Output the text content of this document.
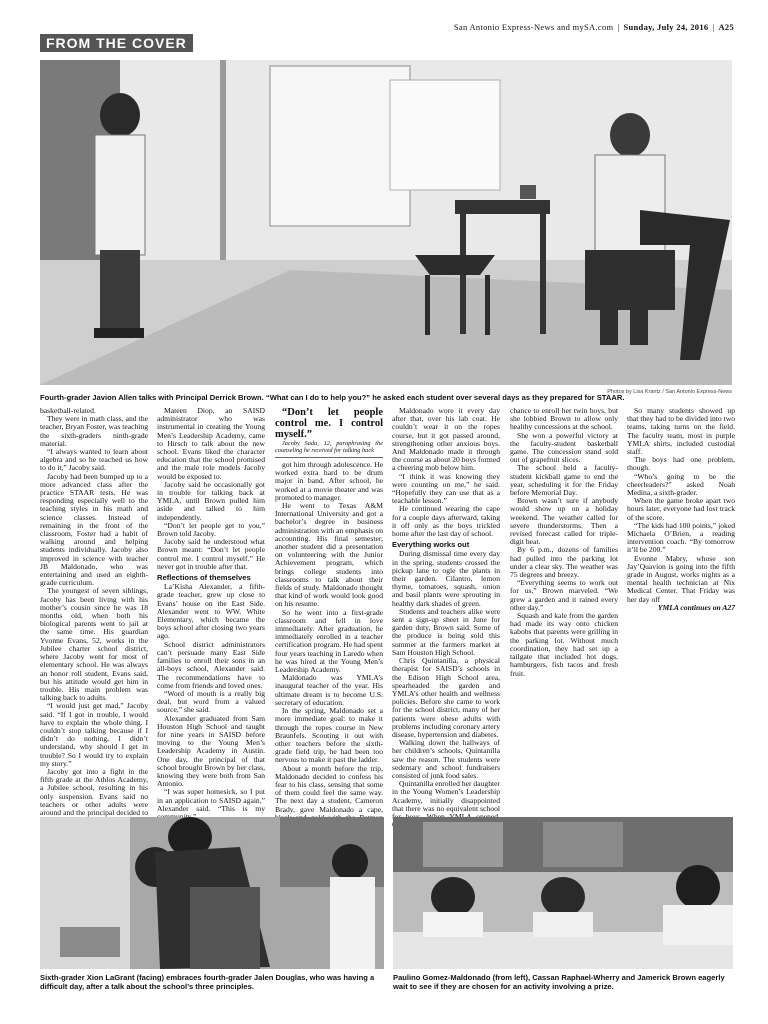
FROM THE COVER
San Antonio Express-News and mySA.com | Sunday, July 24, 2016 | A25
Photos by Lisa Krantz / San Antonio Express-News
Fourth-grader Javion Allen talks with Principal Derrick Brown. “What can I do to help you?” he asked each student over several days as they prepared for STAAR.

basketball-related.

They were in math class, and the teacher, Bryan Foster, was teaching the sixth-graders ninth-grade material.

“I always wanted to learn about algebra and so he teached us how to do it,” Jacoby said.

Jacoby had been bumped up to a more advanced class after the practice STAAR tests. He was responding especially well to the teaching styles in his math and science classes. Instead of remaining in the front of the classroom, Foster had a habit of walking around and helping students individually. Jacoby also improved in science with teacher JB Maldonado, who was entertaining and used an eighth-grade curriculum.

The youngest of seven siblings, Jacoby has been living with his mother’s cousin since he was 18 months old, when both his biological parents went to jail at the same time. His guardian Yvonne Evans, 52, works in the Jubilee charter school district, where Jacoby went for most of elementary school. He was always an honor roll student, Evans said, but his attitude would get him in trouble. His main problem was talking back to adults.

“I would just get mad,” Jacoby said. “If I got in trouble, I would have to explain the whole thing. I couldn’t stop talking because if I didn’t do nothing, I didn’t understand, why should I get in trouble? So I would try to explain my story.”

Jacoby got into a fight in the fifth grade at the Athlos Academy, a Jubilee school, resulting in his only suspension. Evans said no teachers or other adults were around and the principal decided to

Mateen Diop, an SAISD administrator who was instrumental in creating the Young Men’s Leadership Academy, came to Hirsch to talk about the new school. Evans liked the character education that the school promised and the male role models Jacoby would be exposed to.

Jacoby said he occasionally got in trouble for talking back at YMLA, until Brown pulled him aside and talked to him independently.

“Don’t let people get to you,” Brown told Jacoby.

Jacoby said he understood what Brown meant: “Don’t let people control me. I control myself.” He never got in trouble after that.

Reflections of themselves

La’Kisha Alexander, a fifth-grade teacher, grew up close to Evans’ house on the East Side. Alexander went to WW. White Elementary, which became the boys school after closing two years ago.

School district administrators can’t persuade many East Side families to enroll their sons in an all-boys school, Alexander said. The recommendations have to come from friends and loved ones.

“Word of mouth is a really big deal, but word from a valued source,” she said.

Alexander graduated from Sam Houston High School and taught for nine years in SAISD before moving to the Young Men’s Leadership Academy in Austin. One day, the principal of that school brought Brown by her class, knowing they were both from San Antonio.

“I was super homesick, so I put in an application to SAISD again,” Alexander said. “This is my

“Don’t let people control me. I control myself.”

Jacoby Sada, 12, paraphrasing the counseling he received for talking back

got him through adolescence. He worked extra hard to be drum major in band. After school, he worked at a movie theater and was promoted to manager.

He went to Texas A&M International University and got a bachelor’s degree in business administration with an emphasis on accounting. His final semester, another student did a presentation on volunteering with the Junior Achievement program, which brings college students into classrooms to talk about their fields of study. Maldonado thought that kind of work would look good on his resume.

So he went into a first-grade classroom and fell in love immediately. After graduation, he immediately enrolled in a teacher certification program. He had spent four years teaching in Laredo when he was hired at the Young Men’s Leadership Academy.

Maldonado was YMLA’s inaugural teacher of the year. His ultimate dream is to become U.S. secretary of education.

In the spring, Maldonado set a more immediate goal: to make it through the ropes course in New Braunfels. Scouting it out with other teachers before the sixth-grade field trip, he had been too nervous to make it past the ladder.

About a month before the trip, Maldonado decided to confess his fear to his class, sensing that some of them could feel the same way. The next day a student, Cameron Brady, gave Maldonado a cape,

Maldonado wore it every day after that, over his lab coat. He couldn’t wear it on the ropes course, but it got passed around, strengthening other anxious boys. And Maldonado made it through the course as about 20 boys formed a cheering mob below him.

“I think it was knowing they were counting on me,” he said. “Hopefully they can use that as a teachable lesson.”

He continued wearing the cape for a couple days afterward, taking it off only as the boys trickled home after the last day of school.

Everything works out

During dismissal time every day in the spring, students crossed the pickup lane to ogle the plants in their garden. Cilantro, lemon thyme, tomatoes, squash, onion and basil plants were sprouting in healthy dark shades of green.

Students and teachers alike were sent a sign-up sheet in June for garden duty, Brown said. Some of the produce is being sold this summer at the farmers market at Sam Houston High School.

Chris Quintanilla, a physical therapist for SAISD’s schools in the Edison High School area, spearheaded the garden and YMLA’s other health and wellness policies. Before she came to work for the school district, many of her patients were obese adults with problems including coronary artery disease, hypertension and diabetes.

Walking down the hallways of her children’s schools, Quintanilla saw the reason. The students were sedentary and school fundraisers consisted of junk food sales.

Quintanilla enrolled her daughter in the Young Women’s Leadership Academy, initially disappointed that there was no equivalent school

chance to enroll her twin boys, but she lobbied Brown to allow only healthy concessions at the school.

She won a powerful victory at the faculty-student basketball game. The concession stand sold out of grapefruit slices.

The school held a faculty-student kickball game to end the year, scheduling it for the Friday before Memorial Day.

Brown wasn’t sure if anybody would show up on a holiday weekend. The weather called for severe thunderstorms. Then a revised forecast called for triple-digit heat.

By 6 p.m., dozens of families had pulled into the parking lot under a clear sky. The weather was 75 degrees and breezy.

“Everything seems to work out for us,” Brown marveled. “We grew a garden and it rained every other day.”

Squash and kale from the garden had made its way onto chicken kabobs that parents were grilling in the parking lot. Without much coordination, they had set up a tailgate that included hot dogs, hamburgers, fish tacos and fresh fruit.

So many students showed up that they had to be divided into two teams, taking turns on the field. The faculty team, most in purple YMLA shirts, included custodial staff.

The boys had one problem, though.

“Who’s going to be the cheerleaders?” asked Noah Medina, a sixth-grader.

When the game broke apart two hours later, everyone had lost track of the score.

“The kids had 100 points,” joked Michaela O’Brien, a reading intervention coach. “By tomorrow it’ll be 200.”

Evonne Mabry, whose son Jay’Quavion is going into the fifth grade in August, works nights as a mental health technician at Nix Medical Center. That Friday was her day off

YMLA continues on A27

Sixth-grader Xion LaGrant (facing) embraces fourth-grader Jalen Douglas, who was having a difficult day, after a talk about the school’s three principles.
Paulino Gomez-Maldonado (from left), Cassan Raphael-Wherry and Jamerick Brown eagerly wait to see if they are chosen for an activity involving a prize.
